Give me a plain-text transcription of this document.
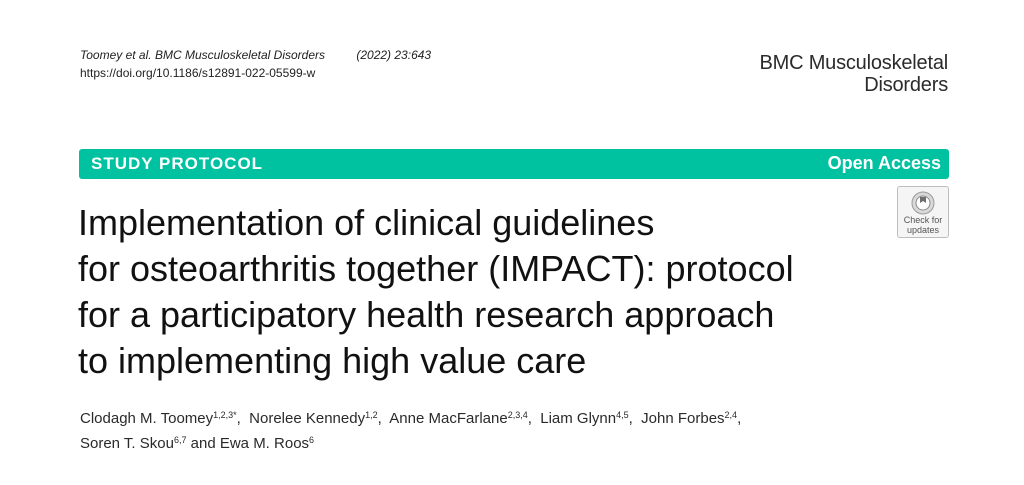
Toomey et al. BMC Musculoskeletal Disorders	(2022) 23:643
https://doi.org/10.1186/s12891-022-05599-w	BMC Musculoskeletal
Disorders
STUDY PROTOCOL	Open Access
Check for
updates
Implementation of clinical guidelines
for osteoarthritis together (IMPACT): protocol
for a participatory health research approach
to implementing high value care
Clodagh M. Toomey$^{1,2,3*}$,  Norelee Kennedy$^{1,2}$,  Anne MacFarlane$^{2,3,4}$,  Liam Glynn$^{4,5}$,  John Forbes$^{2,4}$,
Soren T. Skou$^{6,7}$ and Ewa M. Roos$^6$
